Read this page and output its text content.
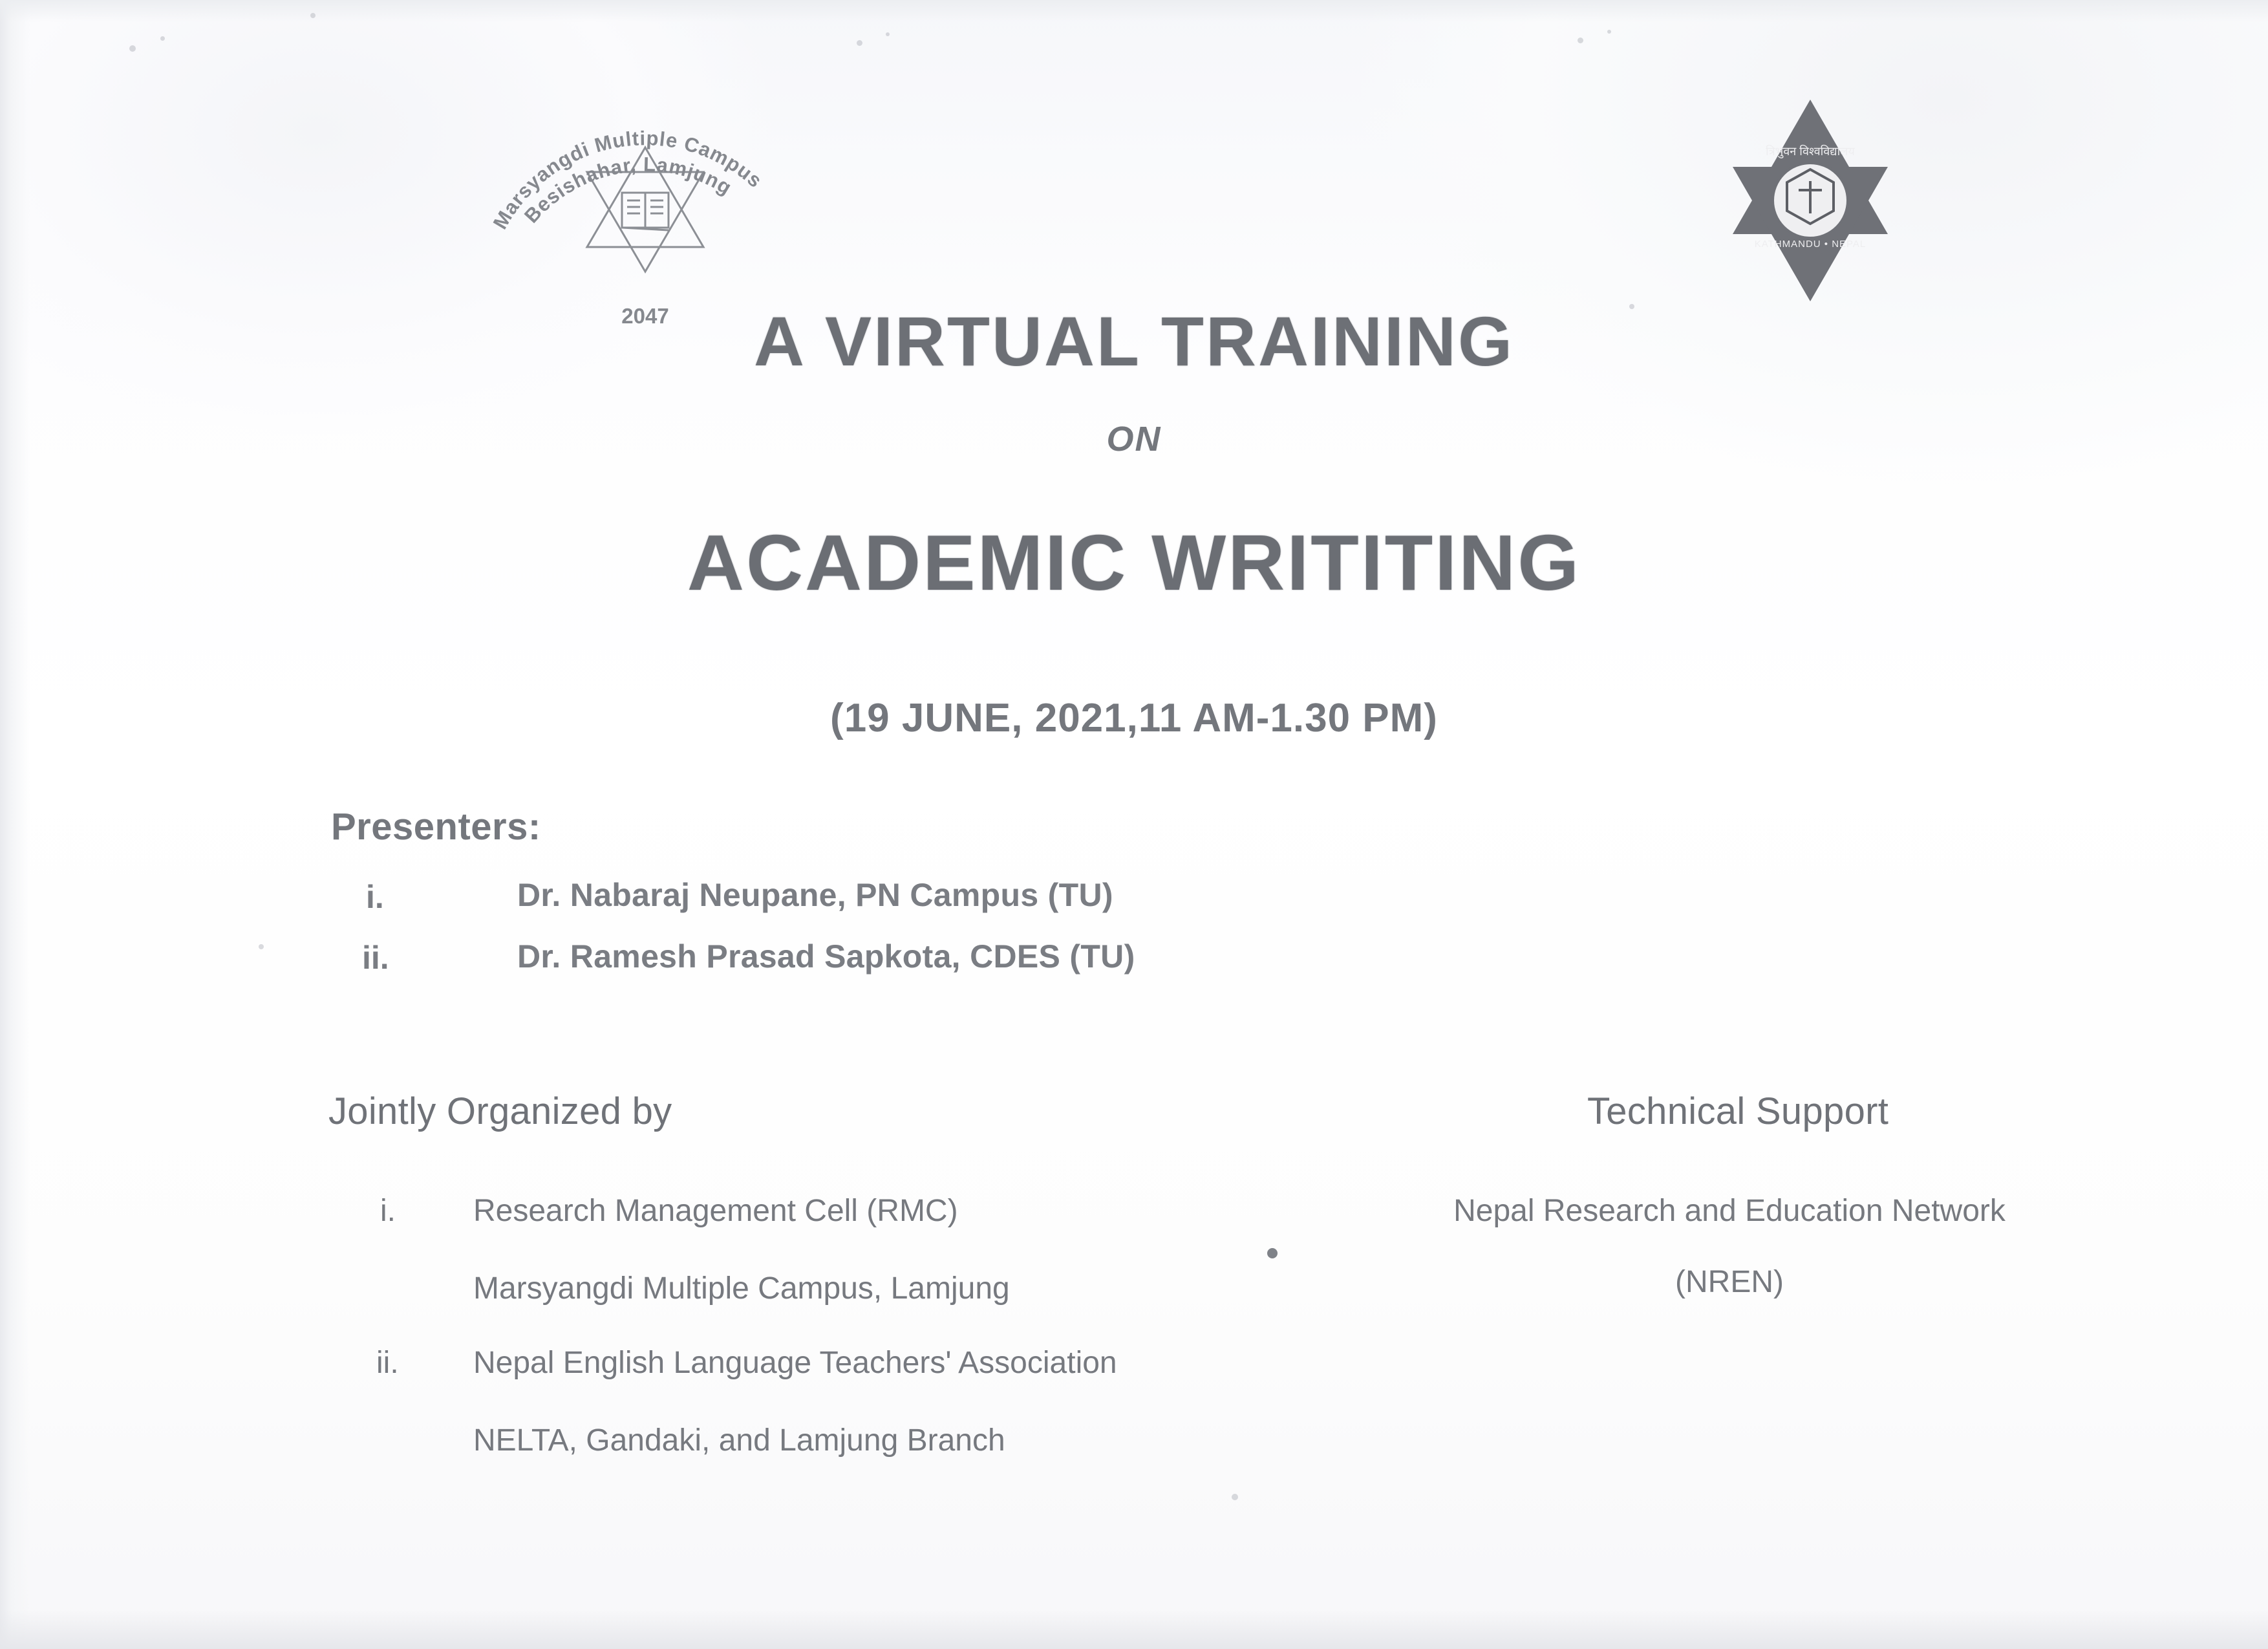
Marsyangdi Multiple Campus
Besishahar, Lamjung
2047
त्रिभुवन विश्वविद्यालय
KATHMANDU • NEPAL
A VIRTUAL TRAINING
ON
ACADEMIC WRITITING
(19 JUNE, 2021,11 AM-1.30 PM)
Presenters:
i.	Dr. Nabaraj Neupane, PN Campus (TU)
ii.	Dr. Ramesh Prasad Sapkota, CDES (TU)
Jointly Organized by
i.	Research Management Cell (RMC)
Marsyangdi Multiple Campus, Lamjung
ii. Nepal English Language Teachers' Association
NELTA, Gandaki, and Lamjung Branch
Technical Support
Nepal Research and Education Network
(NREN)
